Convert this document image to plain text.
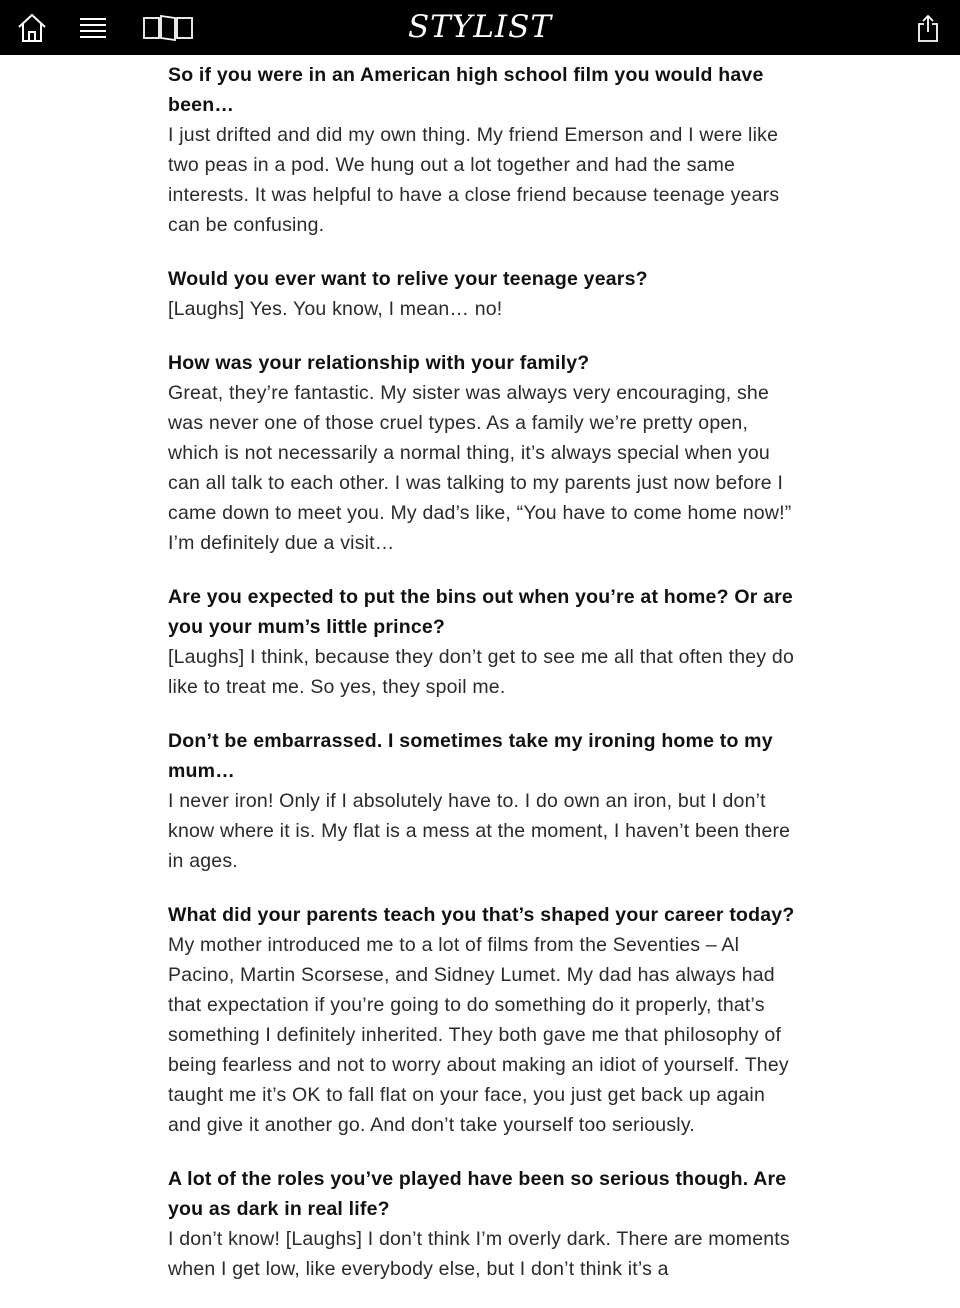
STYLIST

So if you were in an American high school film you would have been…

I just drifted and did my own thing. My friend Emerson and I were like two peas in a pod. We hung out a lot together and had the same interests. It was helpful to have a close friend because teenage years can be confusing.

Would you ever want to relive your teenage years?

[Laughs] Yes. You know, I mean… no!

How was your relationship with your family?

Great, they’re fantastic. My sister was always very encouraging, she was never one of those cruel types. As a family we’re pretty open, which is not necessarily a normal thing, it’s always special when you can all talk to each other. I was talking to my parents just now before I came down to meet you. My dad’s like, “You have to come home now!” I’m definitely due a visit…

Are you expected to put the bins out when you’re at home? Or are you your mum’s little prince?

[Laughs] I think, because they don’t get to see me all that often they do like to treat me. So yes, they spoil me.

Don’t be embarrassed. I sometimes take my ironing home to my mum…

I never iron! Only if I absolutely have to. I do own an iron, but I don’t know where it is. My flat is a mess at the moment, I haven’t been there in ages.

What did your parents teach you that’s shaped your career today?

My mother introduced me to a lot of films from the Seventies – Al Pacino, Martin Scorsese, and Sidney Lumet. My dad has always had that expectation if you’re going to do something do it properly, that’s something I definitely inherited. They both gave me that philosophy of being fearless and not to worry about making an idiot of yourself. They taught me it’s OK to fall flat on your face, you just get back up again and give it another go. And don’t take yourself too seriously.

A lot of the roles you’ve played have been so serious though. Are you as dark in real life?

I don’t know! [Laughs] I don’t think I’m overly dark. There are moments when I get low, like everybody else, but I don’t think it’s a
